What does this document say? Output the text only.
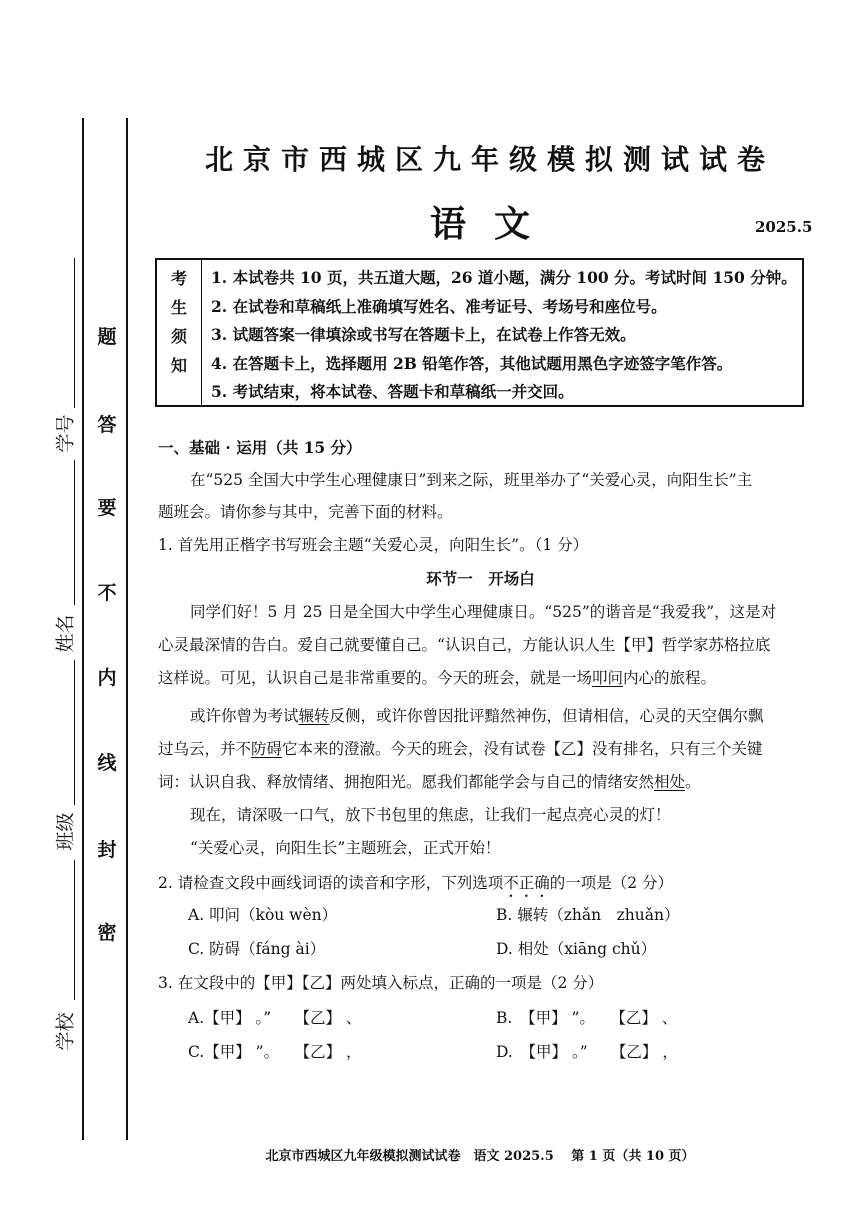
题
答
要
不
内
线
封
密
学号
姓名
班级
学校
北京市西城区九年级模拟测试试卷
语文	2025.5
考
生
须
知
1. 本试卷共 10 页，共五道大题，26 道小题，满分 100 分。考试时间 150 分钟。
2. 在试卷和草稿纸上准确填写姓名、准考证号、考场号和座位号。
3. 试题答案一律填涂或书写在答题卡上，在试卷上作答无效。
4. 在答题卡上，选择题用 2B 铅笔作答，其他试题用黑色字迹签字笔作答。
5. 考试结束，将本试卷、答题卡和草稿纸一并交回。
一、基础 · 运用（共 15 分）
在“525 全国大中学生心理健康日”到来之际，班里举办了“关爱心灵，向阳生长”主
题班会。请你参与其中，完善下面的材料。
1. 首先用正楷字书写班会主题“关爱心灵，向阳生长”。（1 分）
环节一　开场白
同学们好！5 月 25 日是全国大中学生心理健康日。“525”的谐音是“我爱我”，这是对
心灵最深情的告白。爱自己就要懂自己。“认识自己，方能认识人生【甲】哲学家苏格拉底
这样说。可见，认识自己是非常重要的。今天的班会，就是一场叩问内心的旅程。
或许你曾为考试辗转反侧，或许你曾因批评黯然神伤，但请相信，心灵的天空偶尔飘
过乌云，并不防碍它本来的澄澈。今天的班会，没有试卷【乙】没有排名，只有三个关键
词：认识自我、释放情绪、拥抱阳光。愿我们都能学会与自己的情绪安然相处。
现在，请深吸一口气，放下书包里的焦虑，让我们一起点亮心灵的灯！
“关爱心灵，向阳生长”主题班会，正式开始！
2. 请检查文段中画线词语的读音和字形，下列选项不正确的一项是（2 分）
A. 叩问（kòu wèn）	B. 辗转（zhǎn　zhuǎn）
C. 防碍（fáng ài）	D. 相处（xiāng chǔ）
3. 在文段中的【甲】【乙】两处填入标点，正确的一项是（2 分）
A.【甲】 。”　　【乙】 、	B.　【甲】 ”。　　【乙】 、
C.【甲】 ”。　　【乙】 ，	D.　【甲】 。”　　【乙】 ，
北京市西城区九年级模拟测试试卷　语文 2025.5　 第 1 页（共 10 页）
